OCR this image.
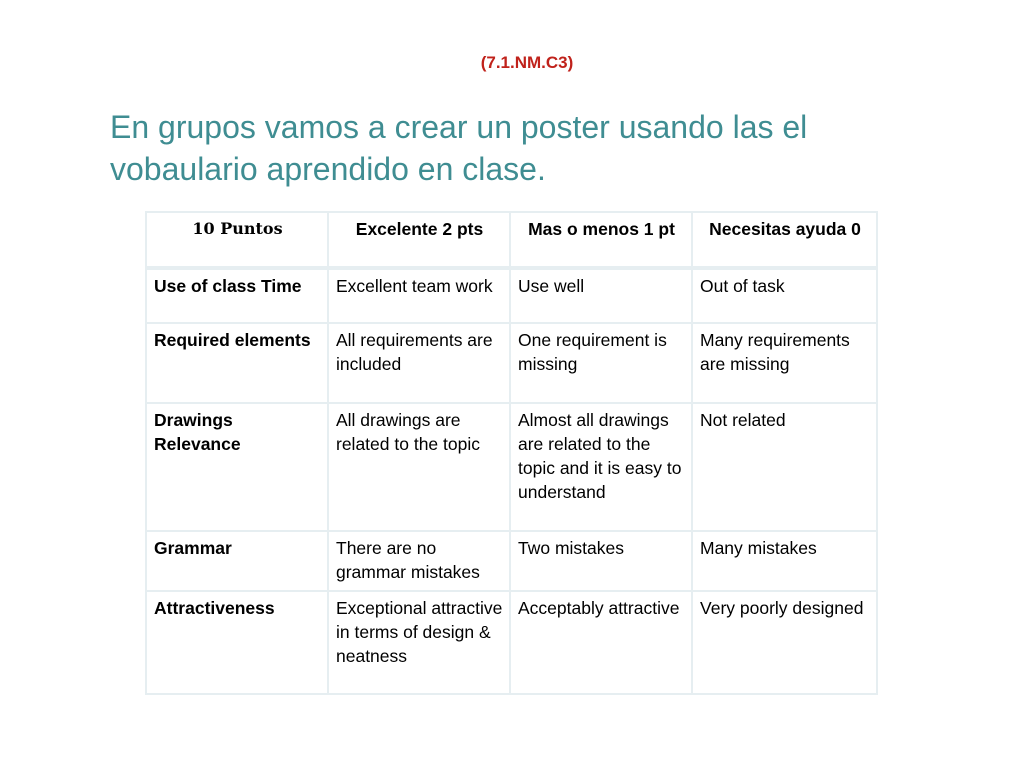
(7.1.NM.C3)
En grupos vamos a crear un poster usando las el vobaulario aprendido en clase.
10 Puntos	Excelente 2 pts	Mas o menos 1 pt	Necesitas ayuda 0
Use of class Time	Excellent team work	Use well	Out of task
Required elements	All requirements are included	One requirement is missing	Many requirements are missing
Drawings Relevance	All drawings are related to the topic	Almost all drawings are related to the topic and it is easy to understand	Not related
Grammar	There are no grammar mistakes	Two mistakes	Many mistakes
Attractiveness	Exceptional attractive in terms of design & neatness	Acceptably attractive	Very poorly designed
